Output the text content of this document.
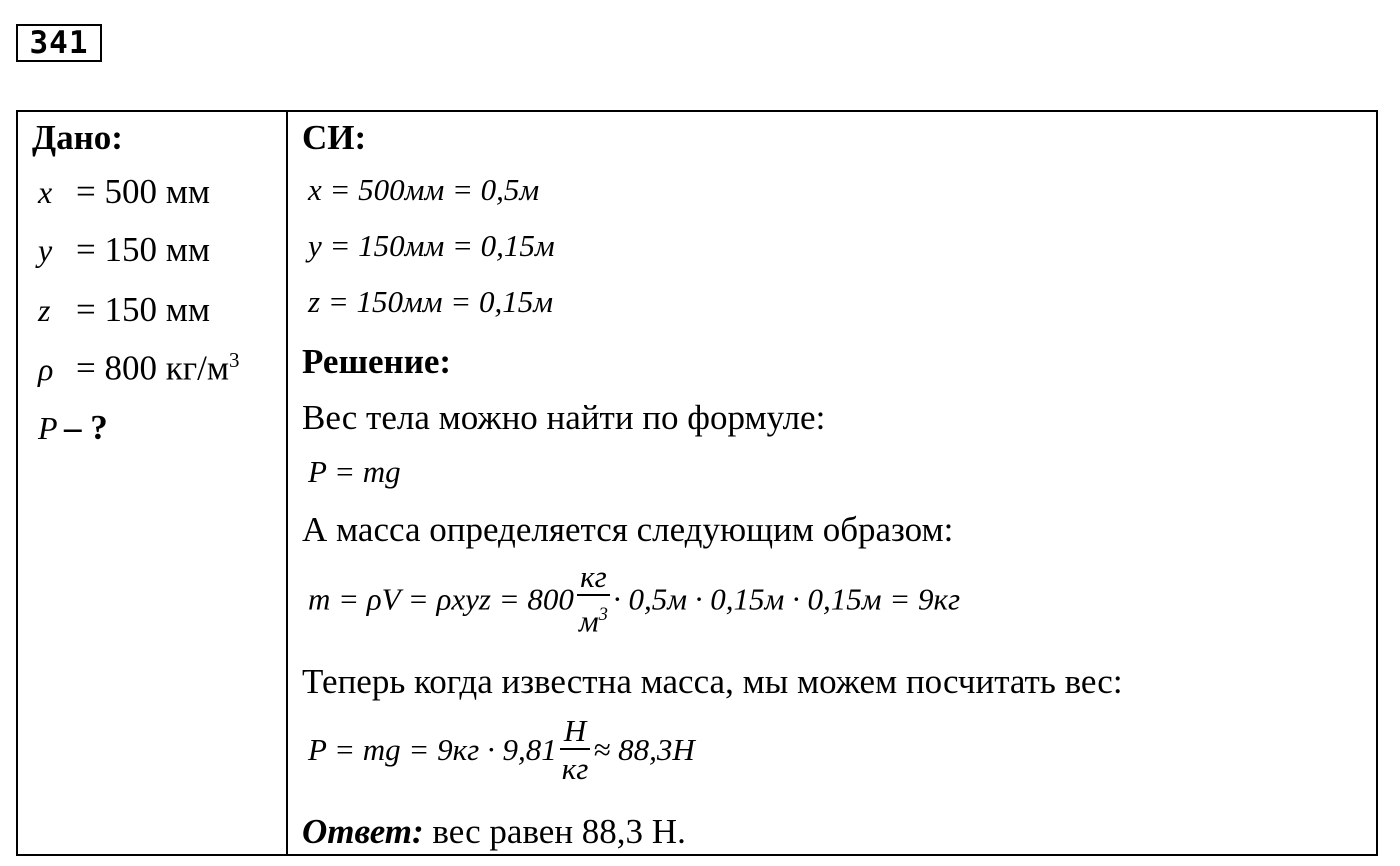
341
Дано:
x = 500 мм
y = 150 мм
z = 150 мм
ρ = 800 $кг/м^3$
P – ?
СИ:
x = 500мм = 0,5м
y = 150мм = 0,15м
z = 150мм = 0,15м
Решение:
Вес тела можно найти по формуле:
P = mg
А масса определяется следующим образом:
$m = \rho V = \rho xyz = 800 \frac{кг}{м^3} \cdot 0,5м \cdot 0,15м \cdot 0,15м = 9кг$
Теперь когда известна масса, мы можем посчитать вес:
P = mg = $9кг \cdot 9,81 \frac{Н}{кг} \approx 88,3Н$
Ответ: вес равен 88,3 Н.
